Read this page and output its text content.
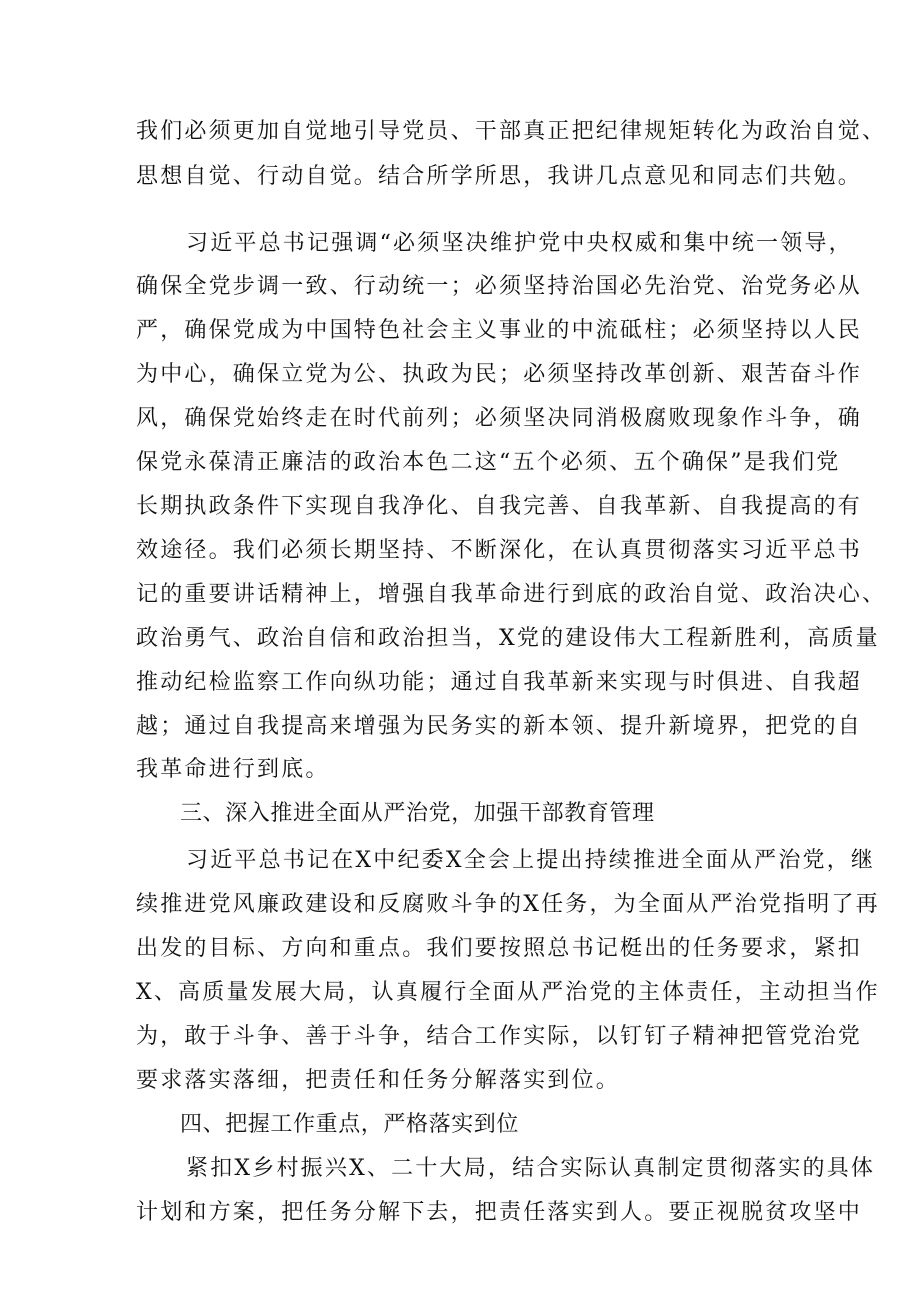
我们必须更加自觉地引导党员、干部真正把纪律规矩转化为政治自觉、
思想自觉、行动自觉。结合所学所思，我讲几点意见和同志们共勉。
习近平总书记强调“必须坚决维护党中央权威和集中统一领导，
确保全党步调一致、行动统一；必须坚持治国必先治党、治党务必从
严，确保党成为中国特色社会主义事业的中流砥柱；必须坚持以人民
为中心，确保立党为公、执政为民；必须坚持改革创新、艰苦奋斗作
风，确保党始终走在时代前列；必须坚决同消极腐败现象作斗争，确
保党永葆清正廉洁的政治本色二这“五个必须、五个确保”是我们党
长期执政条件下实现自我净化、自我完善、自我革新、自我提高的有
效途径。我们必须长期坚持、不断深化，在认真贯彻落实习近平总书
记的重要讲话精神上，增强自我革命进行到底的政治自觉、政治决心、
政治勇气、政治自信和政治担当，X党的建设伟大工程新胜利，高质量
推动纪检监察工作向纵功能；通过自我革新来实现与时俱进、自我超
越；通过自我提高来增强为民务实的新本领、提升新境界，把党的自
我革命进行到底。
三、深入推进全面从严治党，加强干部教育管理
习近平总书记在X中纪委X全会上提出持续推进全面从严治党，继
续推进党风廉政建设和反腐败斗争的X任务，为全面从严治党指明了再
出发的目标、方向和重点。我们要按照总书记梃出的任务要求，紧扣
X、高质量发展大局，认真履行全面从严治党的主体责任，主动担当作
为，敢于斗争、善于斗争，结合工作实际，以钉钉子精神把管党治党
要求落实落细，把责任和任务分解落实到位。
四、把握工作重点，严格落实到位
紧扣X乡村振兴X、二十大局，结合实际认真制定贯彻落实的具体
计划和方案，把任务分解下去，把责任落实到人。要正视脱贫攻坚中
